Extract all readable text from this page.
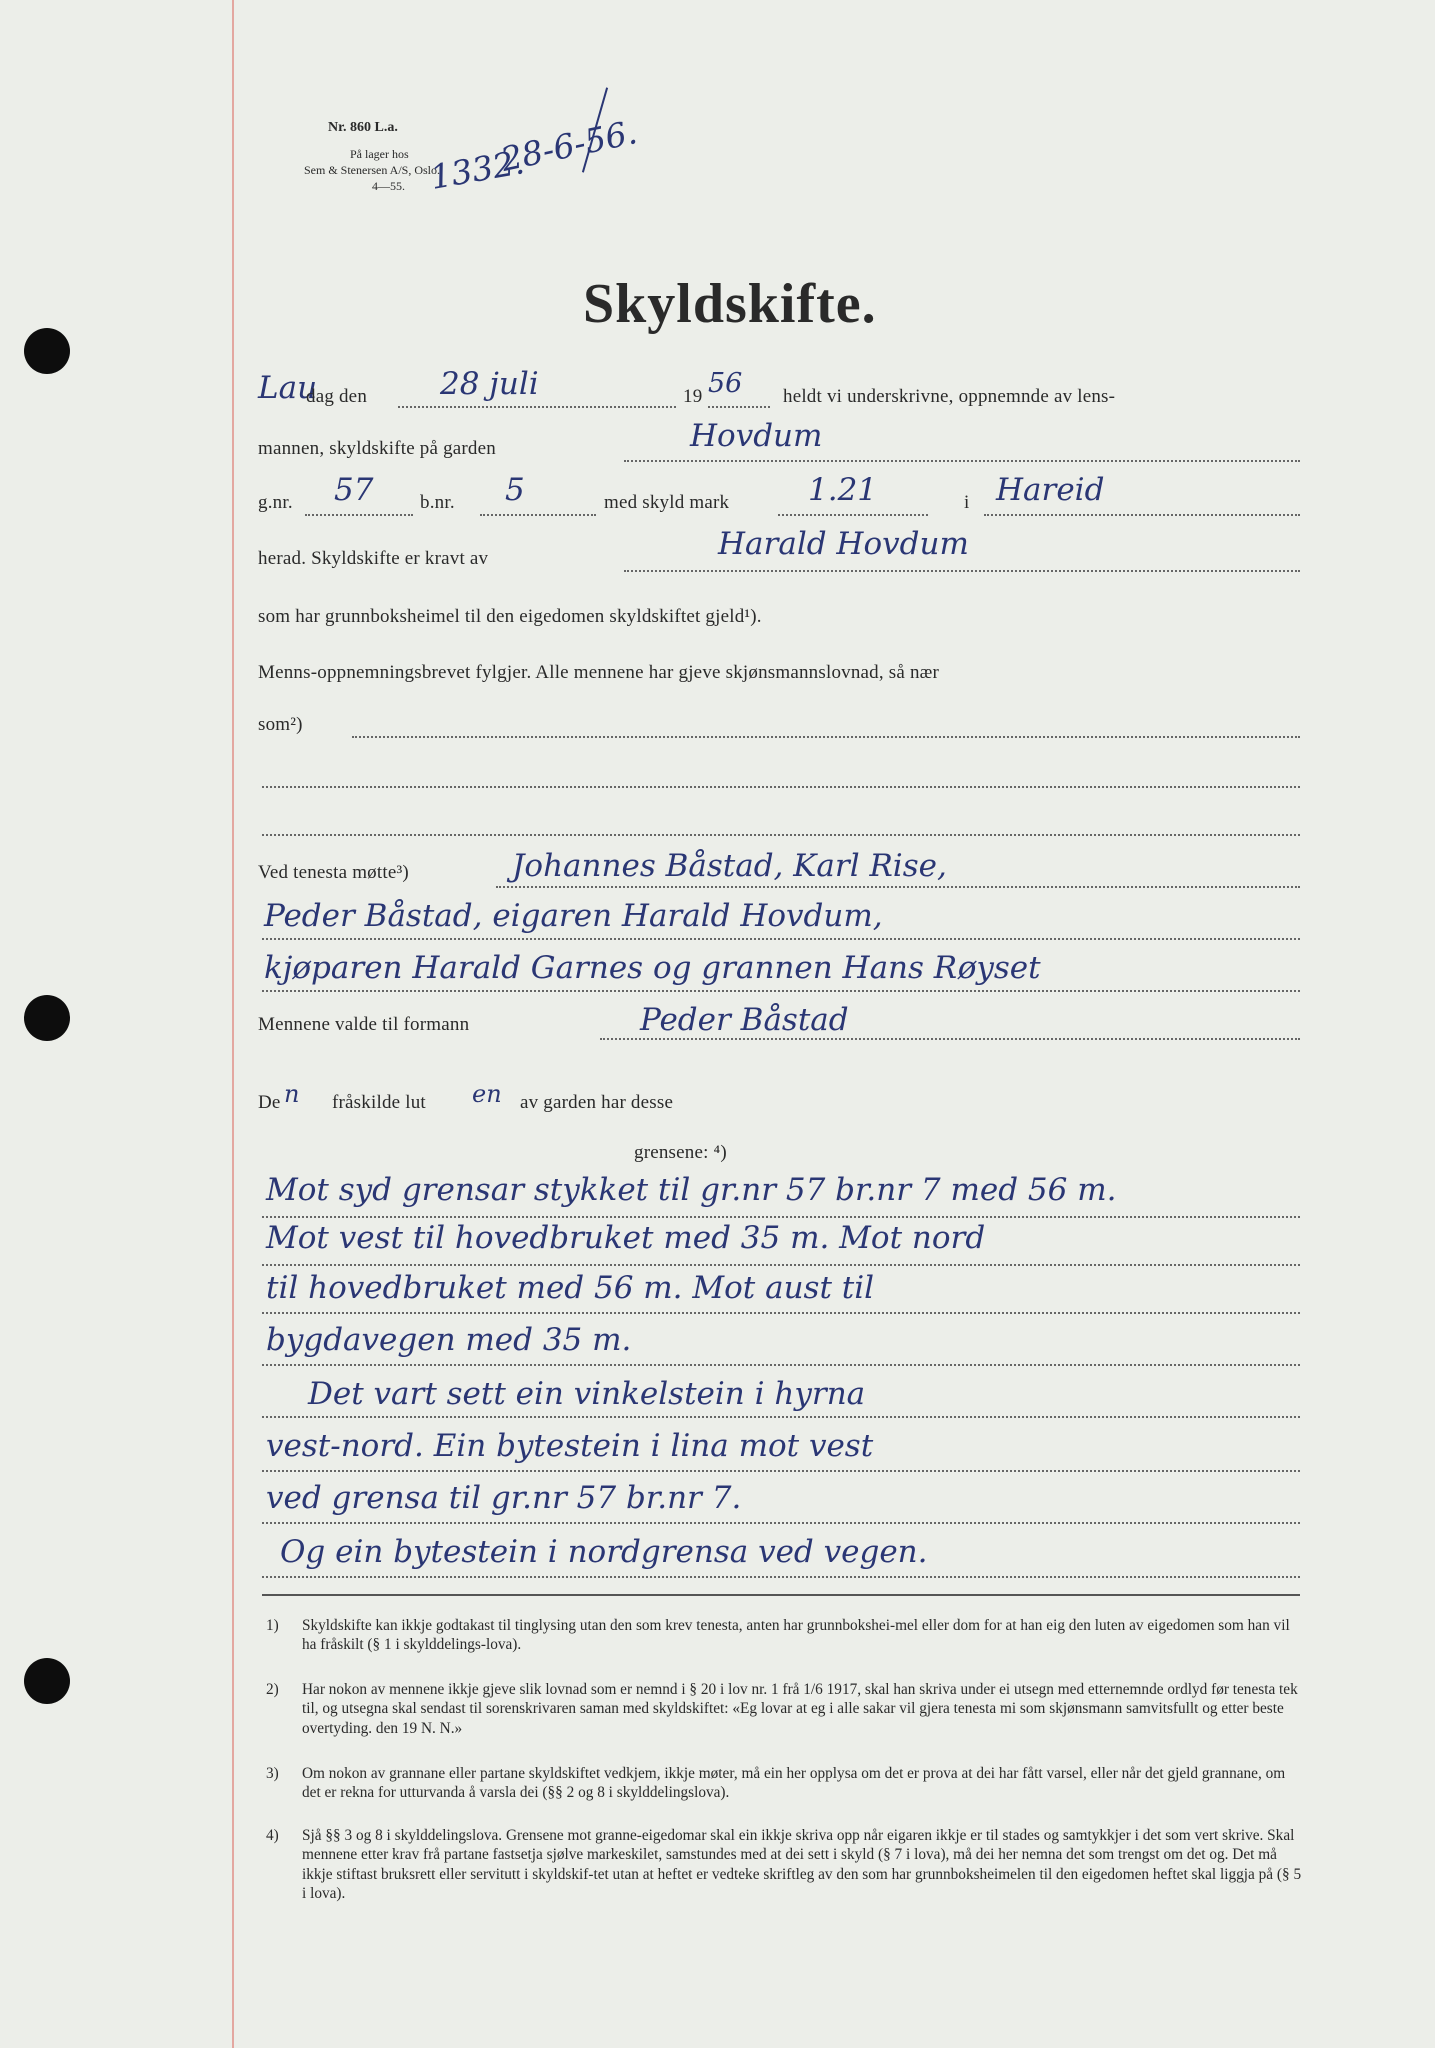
Nr. 860 L.a.
På lager hos
Sem & Stenersen A/S, Oslo.
4—55. 1332.
28-6-56.
Skyldskifte.
Lau
dag den 28 juli	19 56 heldt vi underskrivne, oppnemnde av lens-
mannen, skyldskifte på garden	Hovdum
g.nr. 57 b.nr. 5	med skyld mark	1.21	i Hareid
herad. Skyldskifte er kravt av	Harald Hovdum
som har grunnboksheimel til den eigedomen skyldskiftet gjeld¹).
Menns-oppnemningsbrevet fylgjer. Alle mennene har gjeve skjønsmannslovnad, så nær
som²)
Ved tenesta møtte³)	Johannes Båstad, Karl Rise,
Peder Båstad, eigaren Harald Hovdum,
kjøparen Harald Garnes og grannen Hans Røyset
Mennene valde til formann	Peder Båstad
De n fråskilde lut en av garden har desse
grensene: ⁴)
Mot syd grensar stykket til gr.nr 57 br.nr 7 med 56 m.
Mot vest til hovedbruket med 35 m. Mot nord
til hovedbruket med 56 m. Mot aust til
bygdavegen med 35 m.
Det vart sett ein vinkelstein i hyrna
vest-nord. Ein bytestein i lina mot vest
ved grensa til gr.nr 57 br.nr 7.
Og ein bytestein i nordgrensa ved vegen.
1) Skyldskifte kan ikkje godtakast til tinglysing utan den som krev tenesta, anten har grunnbokshei-mel eller dom for at han eig den luten av eigedomen som han vil ha fråskilt (§ 1 i skylddelings-lova).
2) Har nokon av mennene ikkje gjeve slik lovnad som er nemnd i § 20 i lov nr. 1 frå 1/6 1917, skal han skriva under ei utsegn med etternemnde ordlyd før tenesta tek til, og utsegna skal sendast til sorenskrivaren saman med skyldskiftet: «Eg lovar at eg i alle sakar vil gjera tenesta mi som skjønsmann samvitsfullt og etter beste overtyding. den 19 N. N.»
3) Om nokon av grannane eller partane skyldskiftet vedkjem, ikkje møter, må ein her opplysa om det er prova at dei har fått varsel, eller når det gjeld grannane, om det er rekna for utturvanda å varsla dei (§§ 2 og 8 i skylddelingslova).
4) Sjå §§ 3 og 8 i skylddelingslova. Grensene mot granne-eigedomar skal ein ikkje skriva opp når eigaren ikkje er til stades og samtykkjer i det som vert skrive. Skal mennene etter krav frå partane fastsetja sjølve markeskilet, samstundes med at dei sett i skyld (§ 7 i lova), må dei her nemna det som trengst om det og. Det må ikkje stiftast bruksrett eller servitutt i skyldskif-tet utan at heftet er vedteke skriftleg av den som har grunnboksheimelen til den eigedomen heftet skal liggja på (§ 5 i lova).
